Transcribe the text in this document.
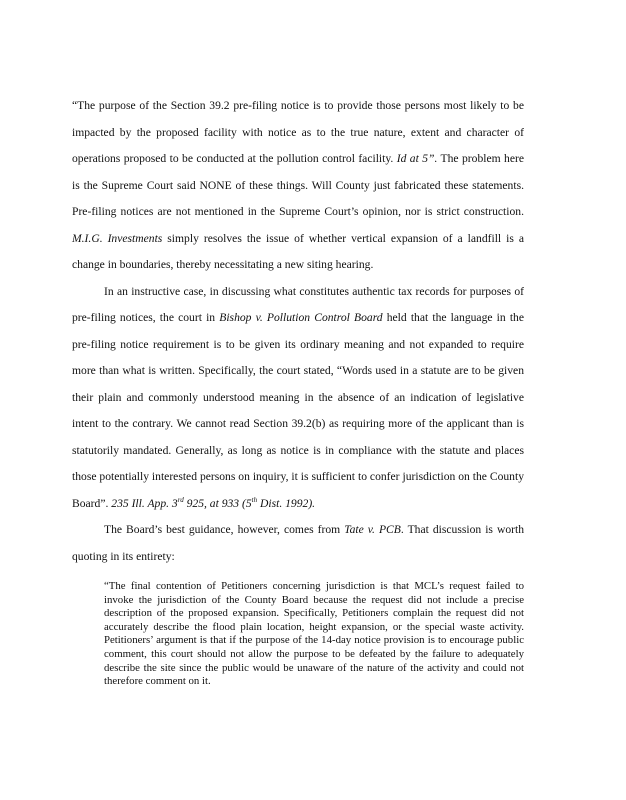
“The purpose of the Section 39.2 pre-filing notice is to provide those persons most likely to be impacted by the proposed facility with notice as to the true nature, extent and character of operations proposed to be conducted at the pollution control facility. Id at 5”. The problem here is the Supreme Court said NONE of these things. Will County just fabricated these statements. Pre-filing notices are not mentioned in the Supreme Court’s opinion, nor is strict construction. M.I.G. Investments simply resolves the issue of whether vertical expansion of a landfill is a change in boundaries, thereby necessitating a new siting hearing.

In an instructive case, in discussing what constitutes authentic tax records for purposes of pre-filing notices, the court in Bishop v. Pollution Control Board held that the language in the pre-filing notice requirement is to be given its ordinary meaning and not expanded to require more than what is written. Specifically, the court stated, “Words used in a statute are to be given their plain and commonly understood meaning in the absence of an indication of legislative intent to the contrary. We cannot read Section 39.2(b) as requiring more of the applicant than is statutorily mandated. Generally, as long as notice is in compliance with the statute and places those potentially interested persons on inquiry, it is sufficient to confer jurisdiction on the County Board”. 235 Ill. App. 3rd 925, at 933 (5th Dist. 1992).

The Board’s best guidance, however, comes from Tate v. PCB. That discussion is worth quoting in its entirety:

“The final contention of Petitioners concerning jurisdiction is that MCL’s request failed to invoke the jurisdiction of the County Board because the request did not include a precise description of the proposed expansion. Specifically, Petitioners complain the request did not accurately describe the flood plain location, height expansion, or the special waste activity. Petitioners’ argument is that if the purpose of the 14-day notice provision is to encourage public comment, this court should not allow the purpose to be defeated by the failure to adequately describe the site since the public would be unaware of the nature of the activity and could not therefore comment on it.
